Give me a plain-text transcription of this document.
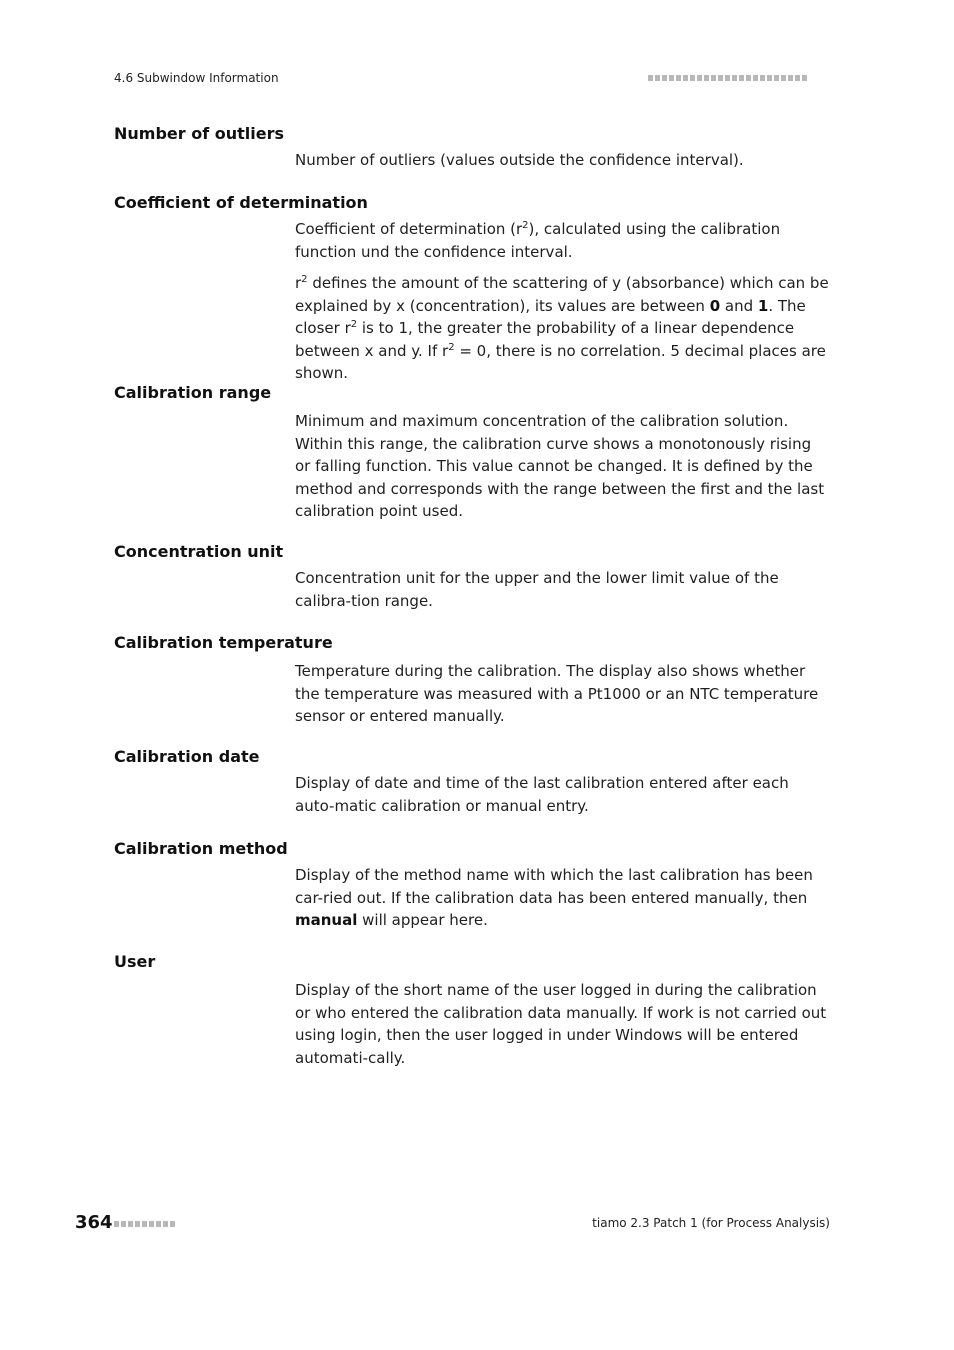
4.6 Subwindow Information
Number of outliers

Number of outliers (values outside the confidence interval).

Coefficient of determination

Coefficient of determination $(r^2)$, calculated using the calibration function und the confidence interval.

$r^2$ defines the amount of the scattering of y (absorbance) which can be explained by x (concentration), its values are between 0 and 1. The closer $r^2$ is to 1, the greater the probability of a linear dependence between x and y. If $r^2 = 0$, there is no correlation. 5 decimal places are shown.

Calibration range

Minimum and maximum concentration of the calibration solution. Within this range, the calibration curve shows a monotonously rising or falling function. This value cannot be changed. It is defined by the method and corresponds with the range between the first and the last calibration point used.

Concentration unit

Concentration unit for the upper and the lower limit value of the calibra-tion range.

Calibration temperature

Temperature during the calibration. The display also shows whether the temperature was measured with a Pt1000 or an NTC temperature sensor or entered manually.

Calibration date

Display of date and time of the last calibration entered after each auto-matic calibration or manual entry.

Calibration method

Display of the method name with which the last calibration has been car-ried out. If the calibration data has been entered manually, then manual will appear here.

User

Display of the short name of the user logged in during the calibration or who entered the calibration data manually. If work is not carried out using login, then the user logged in under Windows will be entered automati-cally.

364	tiamo 2.3 Patch 1 (for Process Analysis)
